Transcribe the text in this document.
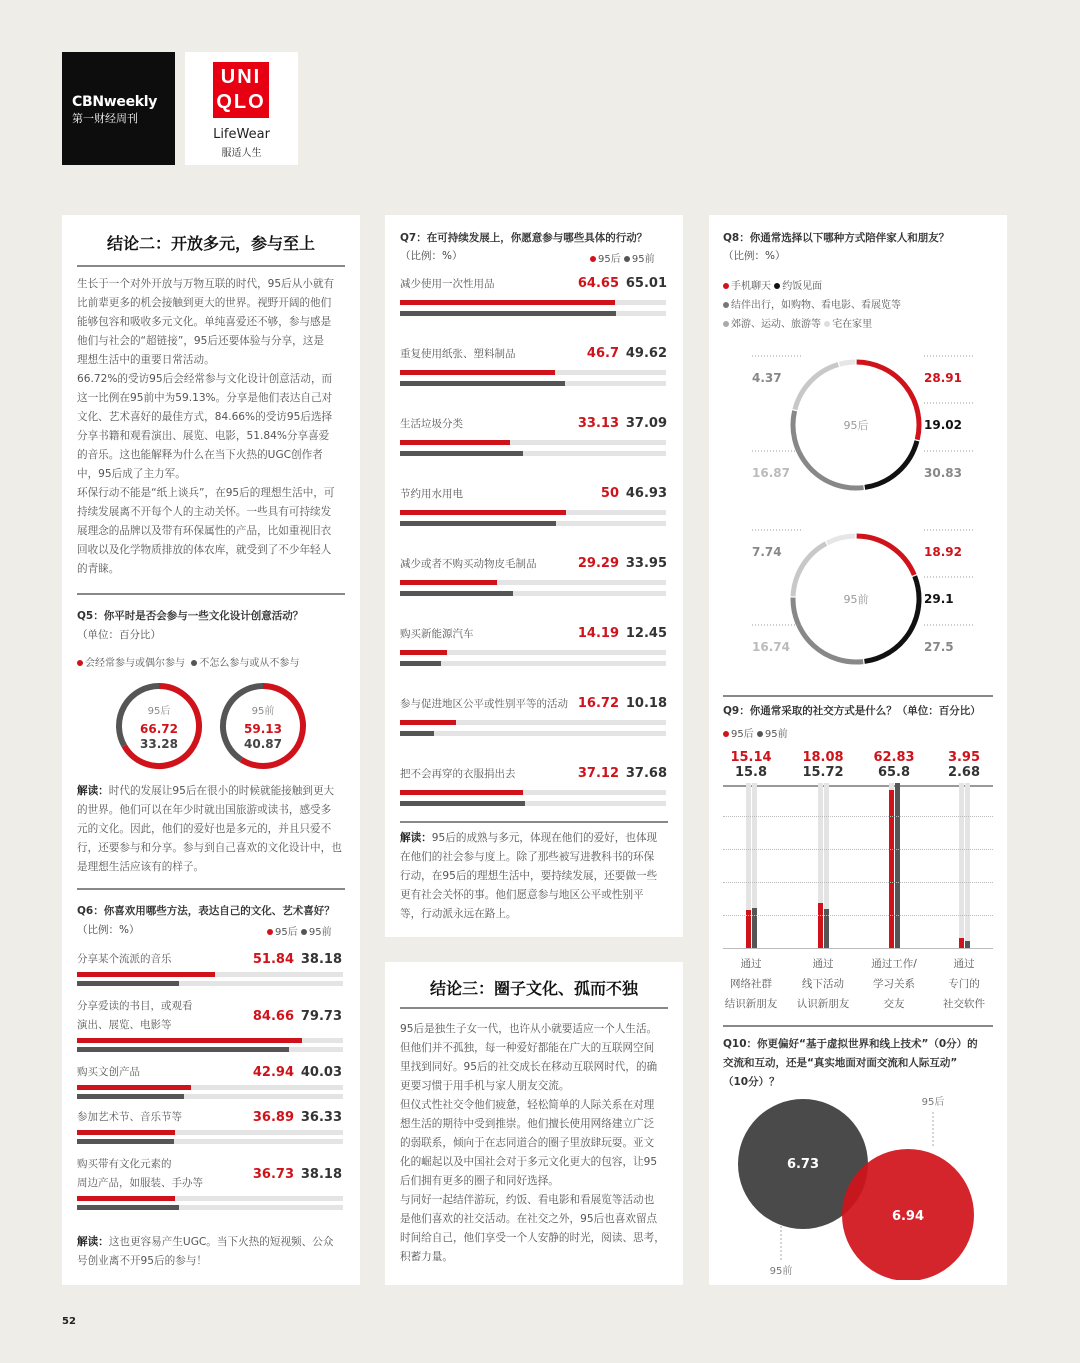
CBNweekly
第一财经周刊
UNI
QLO
LifeWear
服适人生
结论二：开放多元，参与至上
生长于一个对外开放与万物互联的时代，95后从小就有
比前辈更多的机会接触到更大的世界。视野开阔的他们
能够包容和吸收多元文化。单纯喜爱还不够，参与感是
他们与社会的“超链接”，95后还要体验与分享，这是
理想生活中的重要日常活动。
66.72%的受访95后会经常参与文化设计创意活动，而
这一比例在95前中为59.13%。分享是他们表达自己对
文化、艺术喜好的最佳方式，84.66%的受访95后选择
分享书籍和观看演出、展览、电影，51.84%分享喜爱
的音乐。这也能解释为什么在当下火热的UGC创作者
中，95后成了主力军。
环保行动不能是“纸上谈兵”，在95后的理想生活中，可
持续发展离不开每个人的主动关怀。一些具有可持续发
展理念的品牌以及带有环保属性的产品，比如重视旧衣
回收以及化学物质排放的体农库，就受到了不少年轻人
的青睐。
Q5：你平时是否会参与一些文化设计创意活动？
（单位：百分比）
会经常参与或偶尔参与 不怎么参与或从不参与
95后
66.72
33.28
95前
59.13
40.87
解读：时代的发展让95后在很小的时候就能接触到更大
的世界。他们可以在年少时就出国旅游或读书，感受多
元的文化。因此，他们的爱好也是多元的，并且只爱不
行，还要参与和分享。参与到自己喜欢的文化设计中，也
是理想生活应该有的样子。
Q6：你喜欢用哪些方法，表达自己的文化、艺术喜好？
（比例：%）	95后 95前
分享某个流派的音乐	51.84 38.18
分享爱读的书目，或观看
演出、展览、电影等
84.66 79.73
购买文创产品	42.94 40.03
参加艺术节、音乐节等	36.89 36.33
购买带有文化元素的
周边产品，如服装、手办等
36.73 38.18
解读：这也更容易产生UGC。当下火热的短视频、公众
号创业离不开95后的参与！
Q7：在可持续发展上，你愿意参与哪些具体的行动？
（比例：%）	95后 95前
减少使用一次性用品	64.65 65.01
重复使用纸张、塑料制品	46.7 49.62
生活垃圾分类	33.13 37.09
节约用水用电	50 46.93
减少或者不购买动物皮毛制品	29.29 33.95
购买新能源汽车	14.19 12.45
参与促进地区公平或性别平等的活动 16.72 10.18
把不会再穿的衣服捐出去	37.12 37.68
解读：95后的成熟与多元，体现在他们的爱好，也体现
在他们的社会参与度上。除了那些被写进教科书的环保
行动，在95后的理想生活中，要持续发展，还要做一些
更有社会关怀的事。他们愿意参与地区公平或性别平
等，行动派永远在路上。
结论三：圈子文化、孤而不独
95后是独生子女一代，也许从小就要适应一个人生活。
但他们并不孤独，每一种爱好都能在广大的互联网空间
里找到同好。95后的社交成长在移动互联网时代，的确
更要习惯于用手机与家人朋友交流。
但仪式性社交令他们疲惫，轻松简单的人际关系在对理
想生活的期待中受到推崇。他们擅长使用网络建立广泛
的弱联系，倾向于在志同道合的圈子里放肆玩耍。亚文
化的崛起以及中国社会对于多元文化更大的包容，让95
后们拥有更多的圈子和同好选择。
与同好一起结伴游玩，约饭、看电影和看展览等活动也
是他们喜欢的社交活动。在社交之外，95后也喜欢留点
时间给自己，他们享受一个人安静的时光，阅读、思考，
积蓄力量。
Q8：你通常选择以下哪种方式陪伴家人和朋友？
（比例：%）
手机聊天 约饭见面
结伴出行，如购物、看电影、看展览等
郊游、运动、旅游等 宅在家里
95后
28.91
19.02
30.83
16.87
4.37
95前
18.92
29.1
27.5
16.74
7.74
Q9：你通常采取的社交方式是什么？（单位：百分比）
95后 95前
15.14
15.8
通过
网络社群
结识新朋友
18.08
15.72
通过
线下活动
认识新朋友
62.83
65.8
通过工作/
学习关系
交友
3.95
2.68
通过
专门的
社交软件
Q10：你更偏好“基于虚拟世界和线上技术”（0分）的
交流和互动，还是“真实地面对面交流和人际互动”
（10分）？
6.73
6.94
95后
95前
52
